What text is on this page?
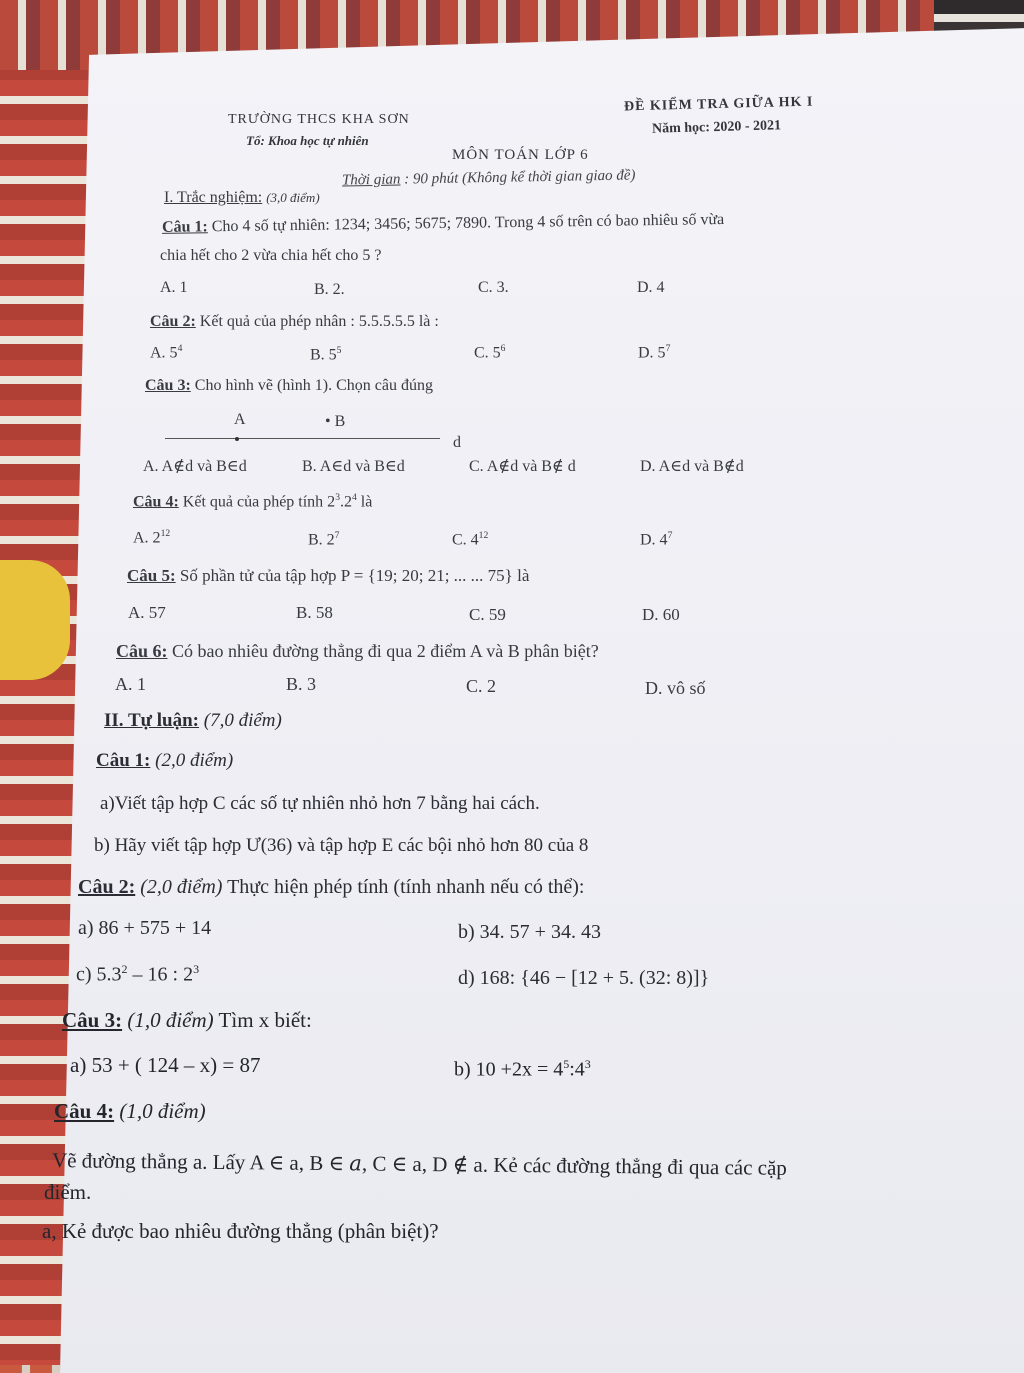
TRƯỜNG THCS KHA SƠN
Tổ: Khoa học tự nhiên
ĐỀ KIỂM TRA GIỮA HK I
Năm học: 2020 - 2021
MÔN TOÁN LỚP 6
Thời gian : 90 phút (Không kể thời gian giao đề)
I. Trắc nghiệm: (3,0 điểm)
Câu 1: Cho 4 số tự nhiên: 1234; 3456; 5675; 7890. Trong 4 số trên có bao nhiêu số vừa
chia hết cho 2 vừa chia hết cho 5 ?
A. 1	B. 2.	C. 3.	D. 4
Câu 2: Kết quả của phép nhân : 5.5.5.5.5 là :
A. $5^4$	B. $5^5$	C. $5^6$	D. $5^7$
Câu 3: Cho hình vẽ (hình 1). Chọn câu đúng
A	• B
d
A. A∉d và B∈d	B. A∈d và B∈d	C. A∉d và B∉ d	D. A∈d và B∉d
Câu 4: Kết quả của phép tính $2^3.2^4$ là
A. $2^{12}$	B. $2^7$	C. $4^{12}$	D. $4^7$
Câu 5: Số phần tử của tập hợp P = {19; 20; 21; ... ... 75} là
A. 57	B. 58	C. 59	D. 60
Câu 6: Có bao nhiêu đường thẳng đi qua 2 điểm A và B phân biệt?
A. 1	B. 3	C. 2	D. vô số
II. Tự luận: (7,0 điểm)
Câu 1: (2,0 điểm)
a)Viết tập hợp C các số tự nhiên nhỏ hơn 7 bằng hai cách.
b) Hãy viết tập hợp Ư(36) và tập hợp E các bội nhỏ hơn 80 của 8
Câu 2: (2,0 điểm) Thực hiện phép tính (tính nhanh nếu có thể):
a) 86 + 575 + 14	b) 34. 57 + 34. 43
c) $5.3^2 - 16$ : $2^3$	d) 168: {46 − [12 + 5. (32: 8)]}
Câu 3: (1,0 điểm) Tìm x biết:
a) 53 + ( 124 – x) = 87	b) $10 +2x = 4^5:4^3$
Câu 4: (1,0 điểm)
Vẽ đường thẳng a. Lấy A ∈ a, B ∈ 𝑎, C ∈ a, D ∉ a. Kẻ các đường thẳng đi qua các cặp
điểm.
a, Kẻ được bao nhiêu đường thẳng (phân biệt)?
